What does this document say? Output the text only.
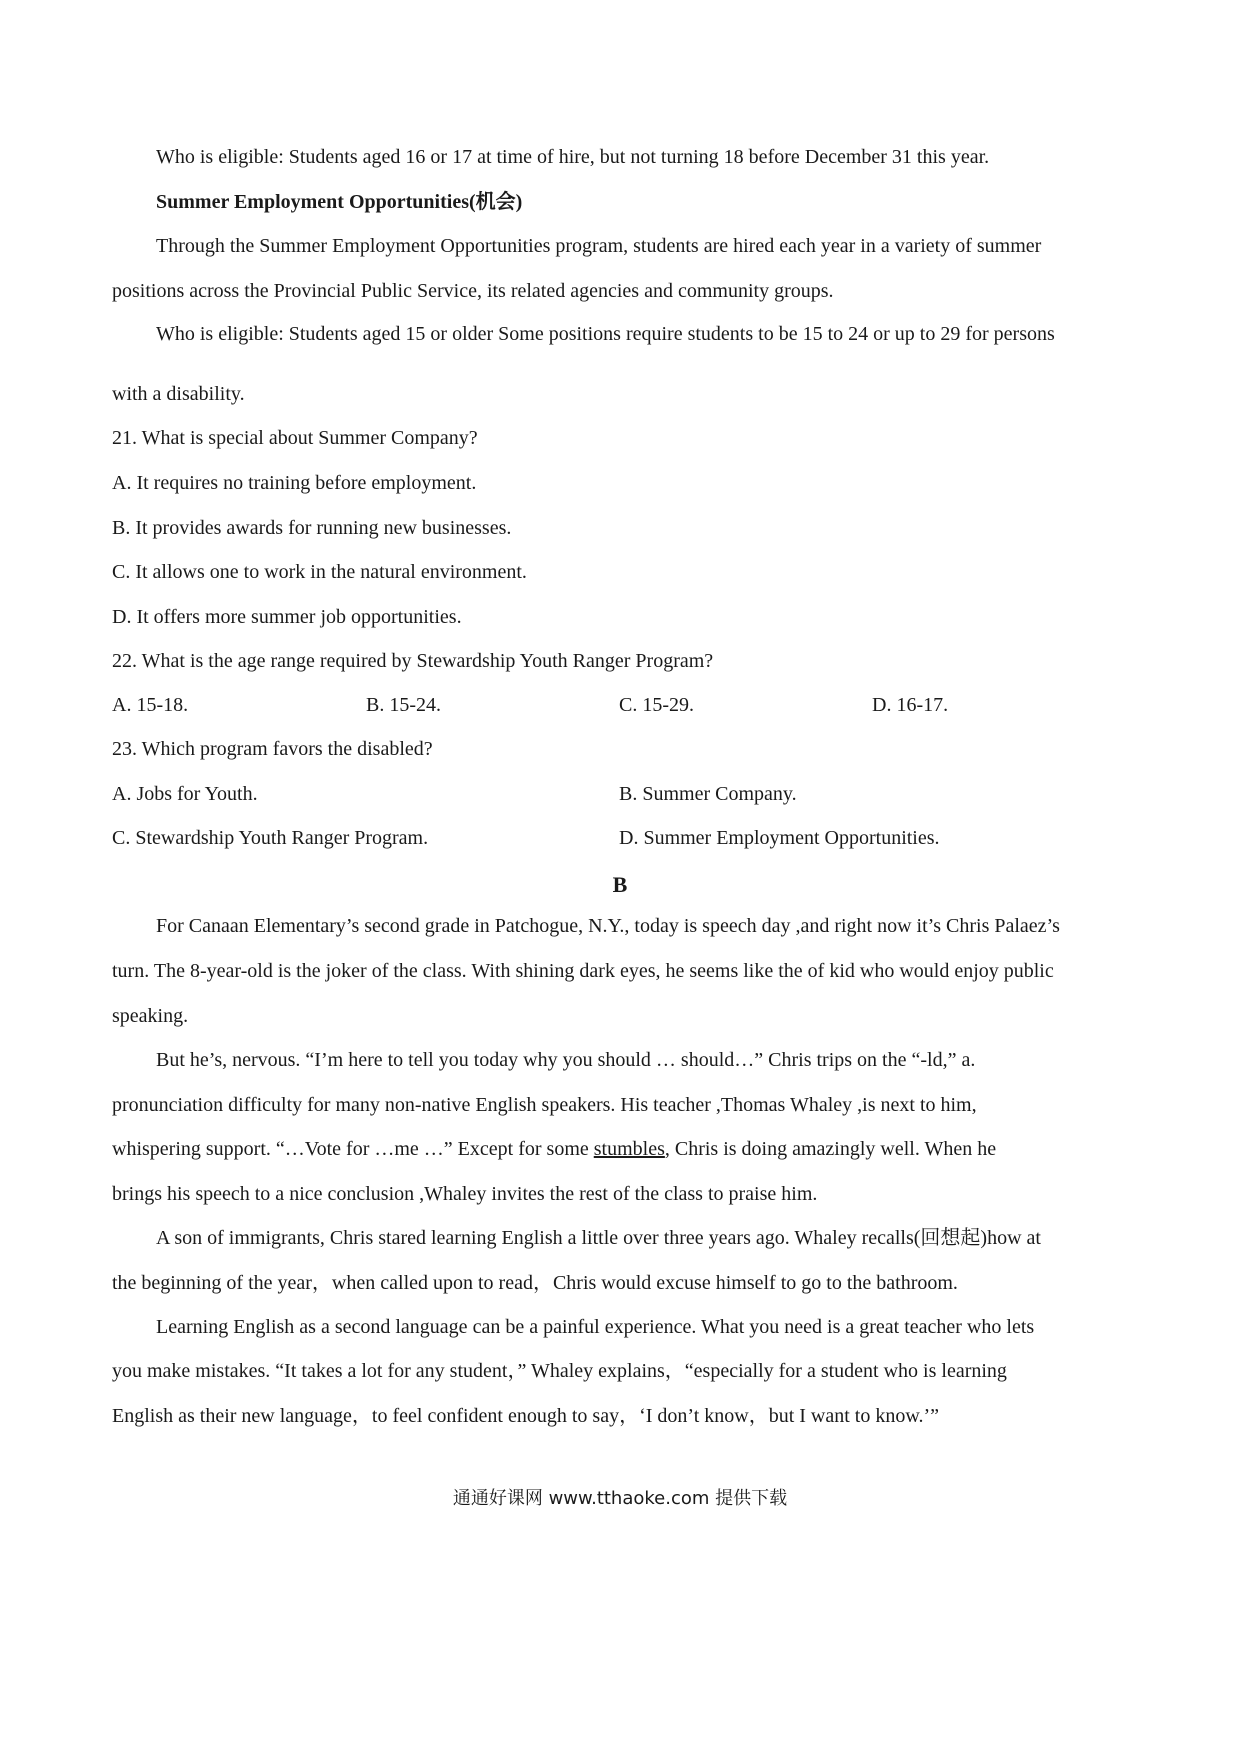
Who is eligible: Students aged 16 or 17 at time of hire, but not turning 18 before December 31 this year.

Summer Employment Opportunities(机会)

Through the Summer Employment Opportunities program, students are hired each year in a variety of summer

positions across the Provincial Public Service, its related agencies and community groups.

Who is eligible: Students aged 15 or older Some positions require students to be 15 to 24 or up to 29 for persons

with a disability.

21. What is special about Summer Company?

A. It requires no training before employment.

B. It provides awards for running new businesses.

C. It allows one to work in the natural environment.

D. It offers more summer job opportunities.

22. What is the age range required by Stewardship Youth Ranger Program?

A. 15-18.	B. 15-24.	C. 15-29.	D. 16-17.

23. Which program favors the disabled?

A. Jobs for Youth.	B. Summer Company.

C. Stewardship Youth Ranger Program.	D. Summer Employment Opportunities.

B

For Canaan Elementary’s second grade in Patchogue, N.Y., today is speech day ,and right now it’s Chris Palaez’s

turn. The 8-year-old is the joker of the class. With shining dark eyes, he seems like the of kid who would enjoy public

speaking.

But he’s, nervous. “I’m here to tell you today why you should … should…” Chris trips on the “-ld,” a.

pronunciation difficulty for many non-native English speakers. His teacher ,Thomas Whaley ,is next to him,

whispering support. “…Vote for …me …” Except for some stumbles, Chris is doing amazingly well. When he

brings his speech to a nice conclusion ,Whaley invites the rest of the class to praise him.

A son of immigrants, Chris stared learning English a little over three years ago. Whaley recalls(回想起)how at

the beginning of the year，when called upon to read，Chris would excuse himself to go to the bathroom.

Learning English as a second language can be a painful experience. What you need is a great teacher who lets

you make mistakes. “It takes a lot for any student，” Whaley explains，“especially for a student who is learning

English as their new language，to feel confident enough to say，‘I don’t know，but I want to know.’”

通通好课网 www.tthaoke.com 提供下载
